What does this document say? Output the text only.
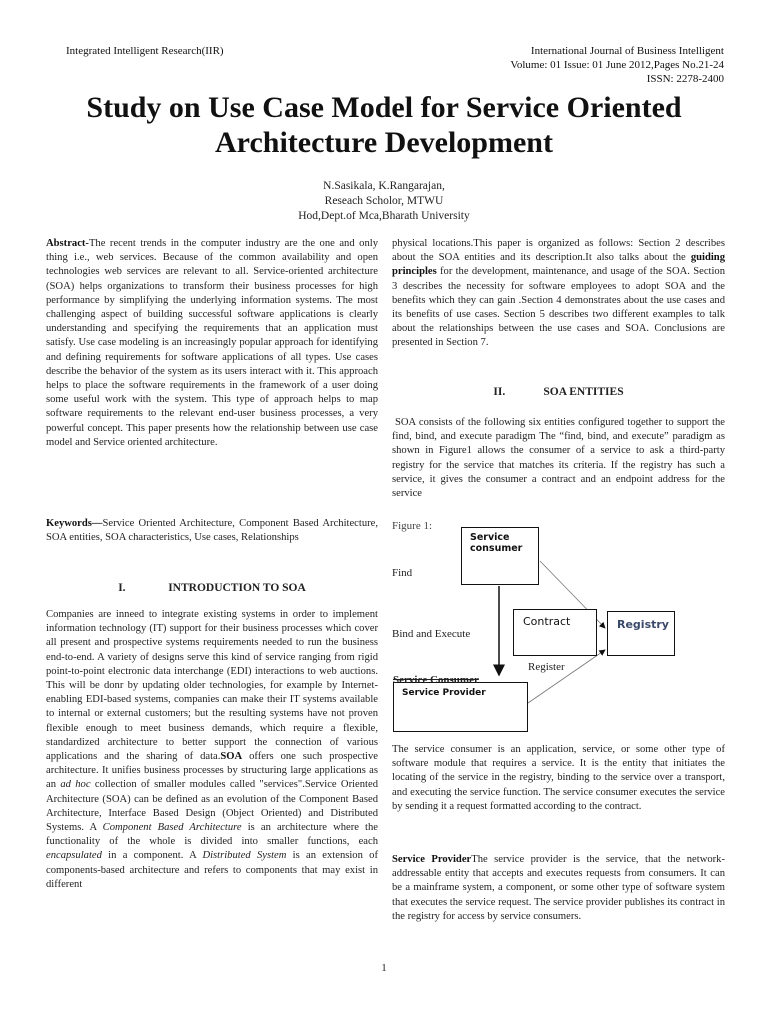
Integrated Intelligent Research(IIR)	International Journal of Business Intelligent
Volume: 01 Issue: 01 June 2012,Pages No.21-24
ISSN: 2278-2400
Study on Use Case Model for Service Oriented
Architecture Development
N.Sasikala, K.Rangarajan,
Reseach Scholor, MTWU
Hod,Dept.of Mca,Bharath University
Abstract-The recent trends in the computer industry are the one and only thing i.e., web services. Because of the common availability and open technologies web services are relevant to all. Service-oriented architecture (SOA) helps organizations to transform their business processes for high performance by simplifying the underlying information systems. The most challenging aspect of building successful software applications is clearly understanding and specifying the requirements that an application must satisfy. Use case modeling is an increasingly popular approach for identifying and defining requirements for software applications of all types. Use cases describe the behavior of the system as its users interact with it. This approach helps to place the software requirements in the framework of a user doing some useful work with the system. This type of approach helps to map software requirements to the relevant end-user business processes, a very powerful concept. This paper presents how the relationship between use case model and Service oriented architecture.
Keywords—Service Oriented Architecture, Component Based Architecture, SOA entities, SOA characteristics, Use cases, Relationships
I.	INTRODUCTION TO SOA
Companies are inneed to integrate existing systems in order to implement information technology (IT) support for their business processes which cover all present and prospective systems requirements needed to run the business end-to-end. A variety of designs serve this kind of service ranging from rigid point-to-point electronic data interchange (EDI) interactions to web auctions. This will be donr by updating older technologies, for example by Internet-enabling EDI-based systems, companies can make their IT systems available to internal or external customers; but the resulting systems have not proven flexible enough to meet business demands, which require a flexible, standardized architecture to better support the connection of various applications and the sharing of data.SOA offers one such prospective architecture. It unifies business processes by structuring large applications as an ad hoc collection of smaller modules called "services".Service Oriented Architecture (SOA) can be defined as an evolution of the Component Based Architecture, Interface Based Design (Object Oriented) and Distributed Systems. A Component Based Architecture is an architecture where the functionality of the whole is divided into smaller functions, each encapsulated in a component. A Distributed System is an extension of components-based architecture and refers to components that may exist in different
physical locations.This paper is organized as follows: Section 2 describes about the SOA entities and its description.It also talks about the guiding principles for the development, maintenance, and usage of the SOA. Section 3 describes the necessity for software employees to adopt SOA and the benefits which they can gain .Section 4 demonstrates about the use cases and its benefits of use cases. Section 5 describes two different examples to talk about the relationships between the use cases and SOA. Conclusions are presented in Section 7.
II.	SOA ENTITIES
SOA consists of the following six entities configured together to support the find, bind, and execute paradigm The “find, bind, and execute” paradigm as shown in Figure1 allows the consumer of a service to ask a third-party registry for the service that matches its criteria. If the registry has such a service, it gives the consumer a contract and an endpoint address for the service
Figure 1:
Service consumer
Find
Contract	Registry
Bind and Execute
Register
Service Provider
Service Consumer
The service consumer is an application, service, or some other type of software module that requires a service. It is the entity that initiates the locating of the service in the registry, binding to the service over a transport, and executing the service function. The service consumer executes the service by sending it a request formatted according to the contract.
Service ProviderThe service provider is the service, that the network-addressable entity that accepts and executes requests from consumers. It can be a mainframe system, a component, or some other type of software system that executes the service request. The service provider publishes its contract in the registry for access by service consumers.
1
